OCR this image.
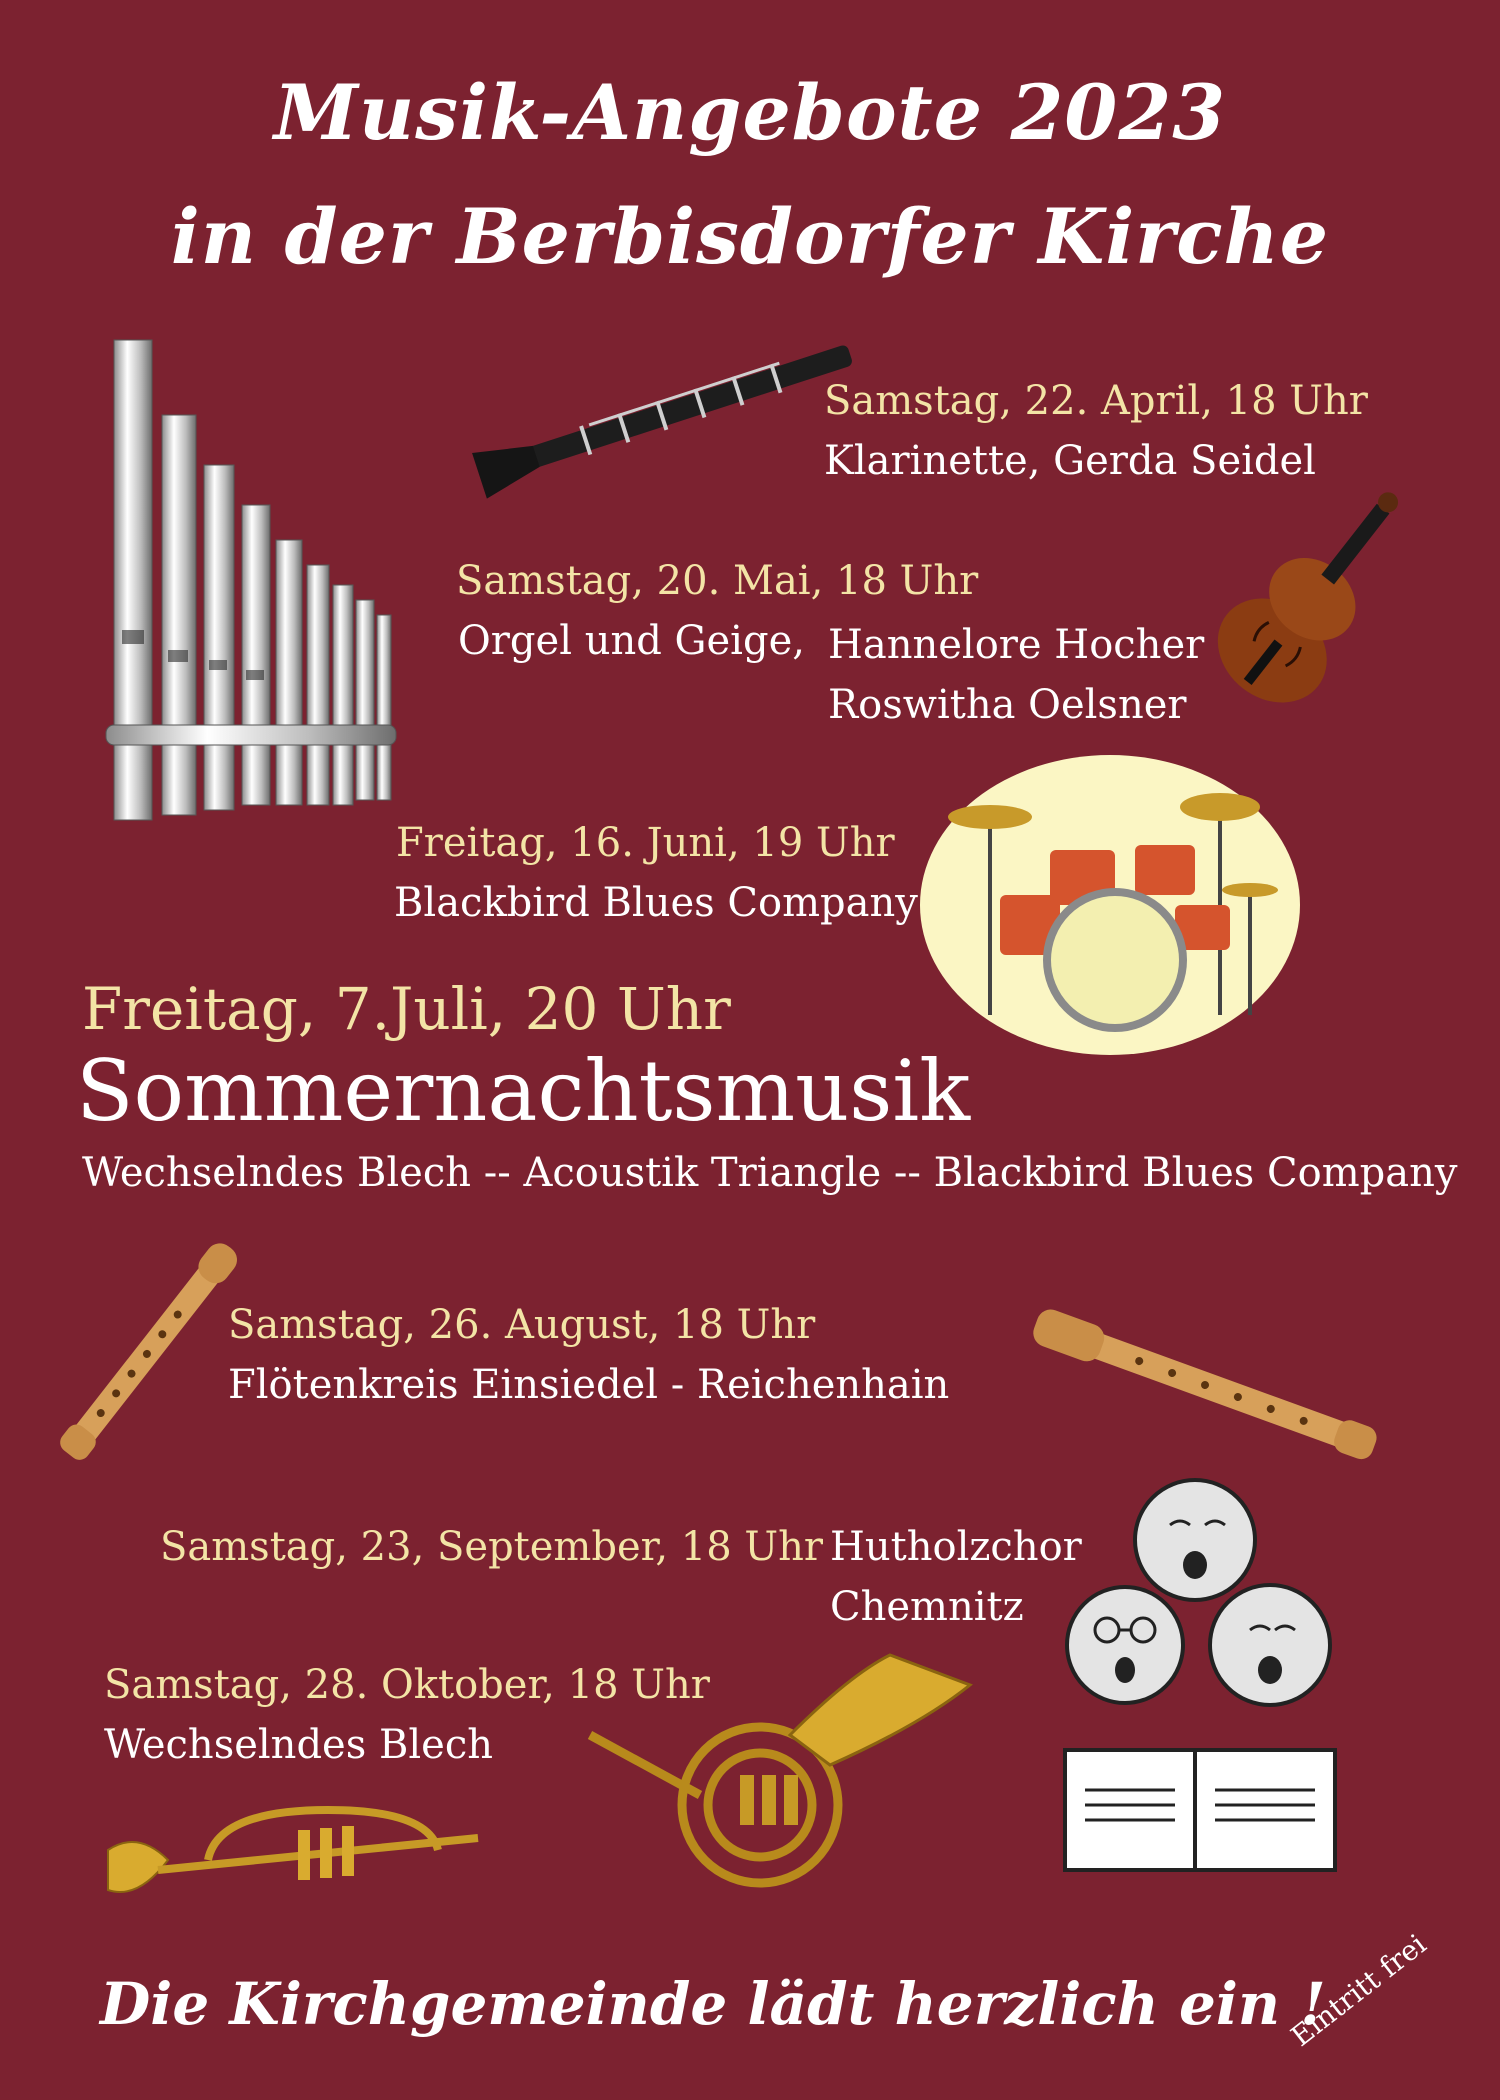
Musik-Angebote 2023
in der Berbisdorfer Kirche
Samstag, 22. April, 18 Uhr
Klarinette, Gerda Seidel
Samstag, 20. Mai, 18 Uhr
Orgel und Geige, Hannelore Hocher
Roswitha Oelsner
Freitag, 16. Juni, 19 Uhr
Blackbird Blues Company
Freitag, 7.Juli, 20 Uhr
Sommernachtsmusik
Wechselndes Blech -- Acoustik Triangle -- Blackbird Blues Company
Samstag, 26. August, 18 Uhr
Flötenkreis Einsiedel - Reichenhain
Samstag, 23, September, 18 Uhr Hutholzchor
Chemnitz
Samstag, 28. Oktober, 18 Uhr
Wechselndes Blech
Die Kirchgemeinde lädt herzlich ein !
Eintritt frei
